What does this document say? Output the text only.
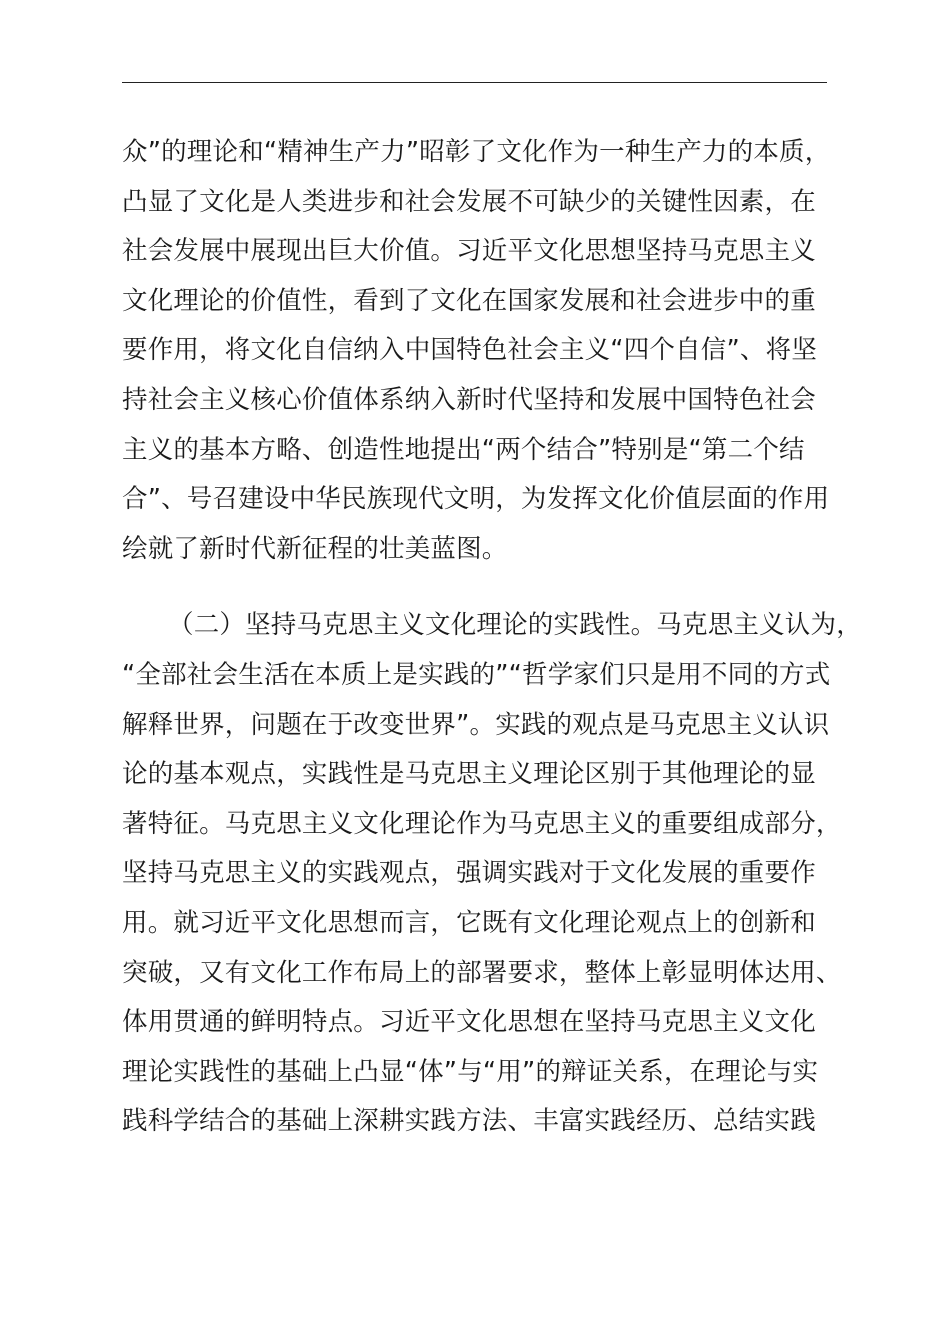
众”的理论和“精神生产力”昭彰了文化作为一种生产力的本质，
凸显了文化是人类进步和社会发展不可缺少的关键性因素，在
社会发展中展现出巨大价值。习近平文化思想坚持马克思主义
文化理论的价值性，看到了文化在国家发展和社会进步中的重
要作用，将文化自信纳入中国特色社会主义“四个自信”、将坚
持社会主义核心价值体系纳入新时代坚持和发展中国特色社会
主义的基本方略、创造性地提出“两个结合”特别是“第二个结
合”、号召建设中华民族现代文明，为发挥文化价值层面的作用
绘就了新时代新征程的壮美蓝图。
（二）坚持马克思主义文化理论的实践性。马克思主义认为，
“全部社会生活在本质上是实践的”“哲学家们只是用不同的方式
解释世界，问题在于改变世界”。实践的观点是马克思主义认识
论的基本观点，实践性是马克思主义理论区别于其他理论的显
著特征。马克思主义文化理论作为马克思主义的重要组成部分，
坚持马克思主义的实践观点，强调实践对于文化发展的重要作
用。就习近平文化思想而言，它既有文化理论观点上的创新和
突破，又有文化工作布局上的部署要求，整体上彰显明体达用、
体用贯通的鲜明特点。习近平文化思想在坚持马克思主义文化
理论实践性的基础上凸显“体”与“用”的辩证关系，在理论与实
践科学结合的基础上深耕实践方法、丰富实践经历、总结实践
